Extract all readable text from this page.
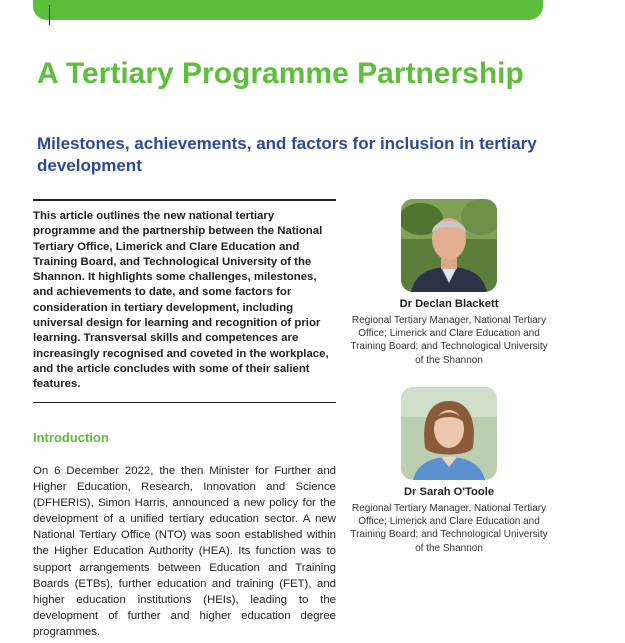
A Tertiary Programme Partnership
Milestones, achievements, and factors for inclusion in tertiary development

This article outlines the new national tertiary programme and the partnership between the National Tertiary Office, Limerick and Clare Education and Training Board, and Technological University of the Shannon. It highlights some challenges, milestones, and achievements to date, and some factors for consideration in tertiary development, including universal design for learning and recognition of prior learning. Transversal skills and competences are increasingly recognised and coveted in the workplace, and the article concludes with some of their salient features.

Introduction

On 6 December 2022, the then Minister for Further and Higher Education, Research, Innovation and Science (DFHERIS), Simon Harris, announced a new policy for the development of a unified tertiary education sector. A new National Tertiary Office (NTO) was soon established within the Higher Education Authority (HEA). Its function was to support arrangements between Education and Training Boards (ETBs), further education and training (FET), and higher education institutions (HEIs), leading to the development of further and higher education degree programmes.

Dr Declan Blackett

Regional Tertiary Manager, National Tertiary Office; Limerick and Clare Education and Training Board; and Technological University of the Shannon

Dr Sarah O'Toole

Regional Tertiary Manager, National Tertiary Office; Limerick and Clare Education and Training Board; and Technological University of the Shannon
